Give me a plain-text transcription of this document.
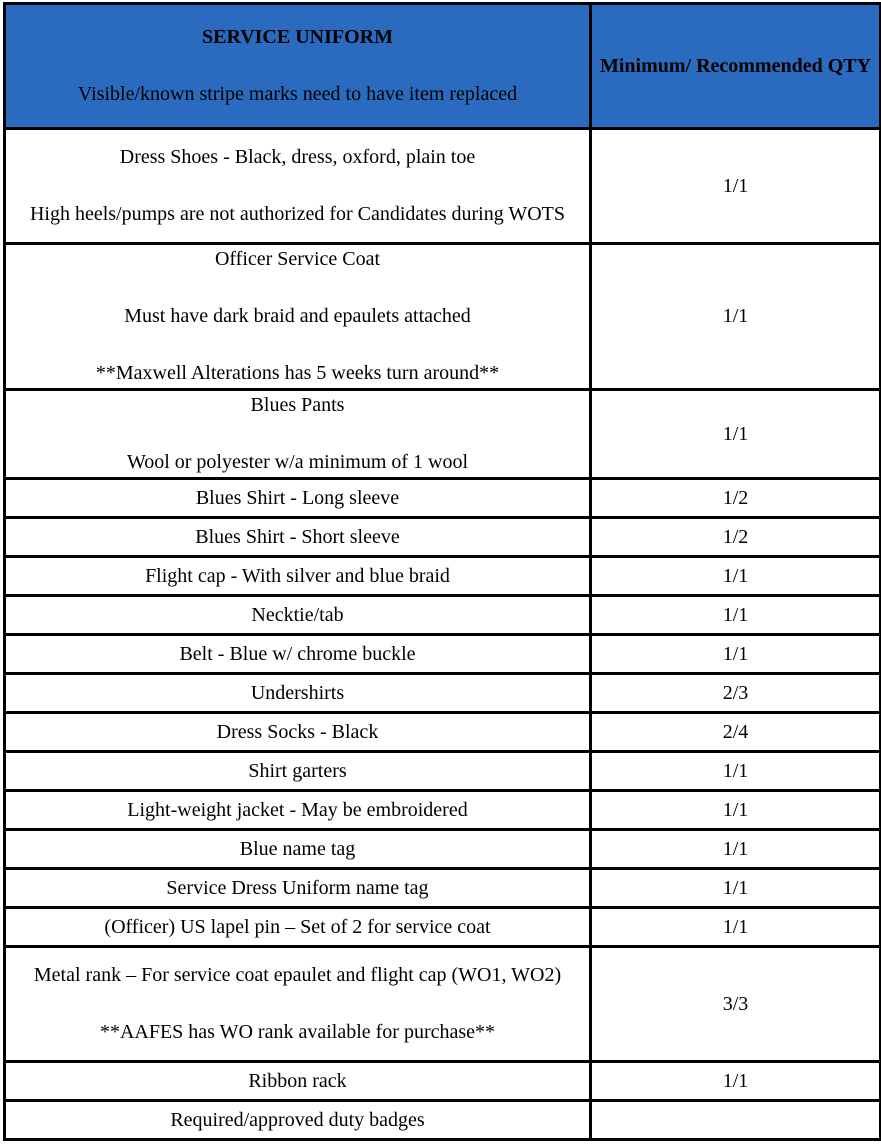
SERVICE UNIFORM
Visible/known stripe marks need to have item replaced	Minimum/ Recommended QTY

Dress Shoes - Black, dress, oxford, plain toe
High heels/pumps are not authorized for Candidates during WOTS	1/1

Officer Service Coat
Must have dark braid and epaulets attached
**Maxwell Alterations has 5 weeks turn around**	1/1

Blues Pants
Wool or polyester w/a minimum of 1 wool	1/1

Blues Shirt - Long sleeve	1/2

Blues Shirt - Short sleeve	1/2

Flight cap - With silver and blue braid	1/1

Necktie/tab	1/1

Belt - Blue w/ chrome buckle	1/1

Undershirts	2/3

Dress Socks - Black	2/4

Shirt garters	1/1

Light-weight jacket - May be embroidered	1/1

Blue name tag	1/1

Service Dress Uniform name tag	1/1

(Officer) US lapel pin – Set of 2 for service coat	1/1

Metal rank – For service coat epaulet and flight cap (WO1, WO2)
**AAFES has WO rank available for purchase**	3/3

Ribbon rack	1/1

Required/approved duty badges	
